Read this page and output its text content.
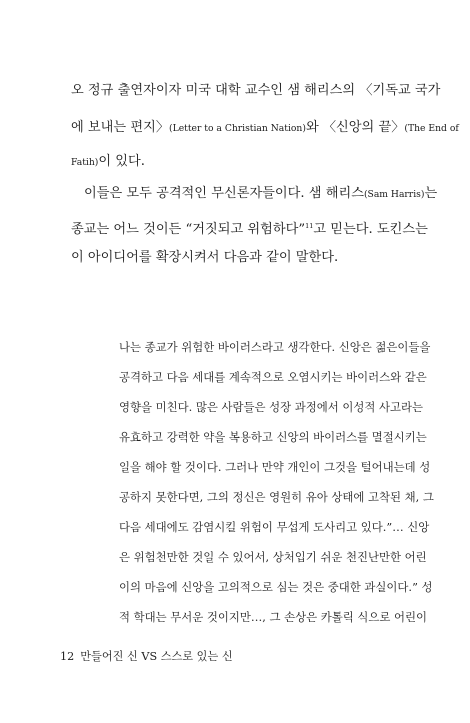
오 정규 출연자이자 미국 대학 교수인 샘 해리스의 〈기독교 국가
에 보내는 편지〉(Letter to a Christian Nation)와 〈신앙의 끝〉(The End of
Fatih)이 있다.
이들은 모두 공격적인 무신론자들이다. 샘 해리스(Sam Harris)는
종교는 어느 것이든 “거짓되고 위험하다”$^{11}$고 믿는다. 도킨스는
이 아이디어를 확장시켜서 다음과 같이 말한다.
나는 종교가 위험한 바이러스라고 생각한다. 신앙은 젊은이들을
공격하고 다음 세대를 계속적으로 오염시키는 바이러스와 같은
영향을 미친다. 많은 사람들은 성장 과정에서 이성적 사고라는
유효하고 강력한 약을 복용하고 신앙의 바이러스를 멸절시키는
일을 해야 할 것이다. 그러나 만약 개인이 그것을 털어내는데 성
공하지 못한다면, 그의 정신은 영원히 유아 상태에 고착된 채, 그
다음 세대에도 감염시킬 위험이 무섭게 도사리고 있다.”… 신앙
은 위험천만한 것일 수 있어서, 상처입기 쉬운 천진난만한 어린
이의 마음에 신앙을 고의적으로 심는 것은 중대한 과실이다.” 성
적 학대는 무서운 것이지만…, 그 손상은 카톨릭 식으로 어린이
12 만들어진 신 VS 스스로 있는 신
